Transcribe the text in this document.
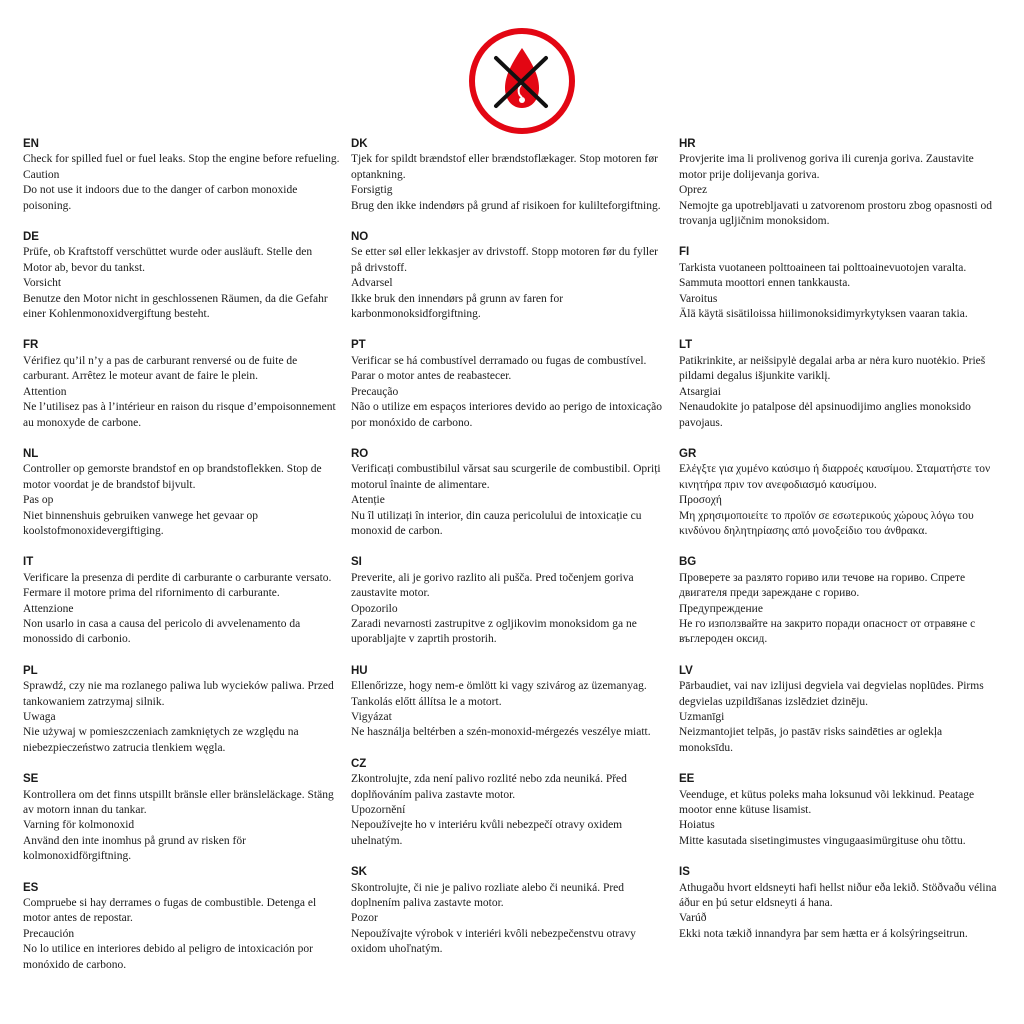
EN

Check for spilled fuel or fuel leaks. Stop the engine before refueling.

Caution

Do not use it indoors due to the danger of carbon monoxide poisoning.

DE

Prüfe, ob Kraftstoff verschüttet wurde oder ausläuft. Stelle den Motor ab, bevor du tankst.

Vorsicht

Benutze den Motor nicht in geschlossenen Räumen, da die Gefahr einer Kohlenmonoxidvergiftung besteht.

FR

Vérifiez qu’il n’y a pas de carburant renversé ou de fuite de carburant. Arrêtez le moteur avant de faire le plein.

Attention

Ne l’utilisez pas à l’intérieur en raison du risque d’empoisonnement au monoxyde de carbone.

NL

Controller op gemorste brandstof en op brandstoflekken. Stop de motor voordat je de brandstof bijvult.

Pas op

Niet binnenshuis gebruiken vanwege het gevaar op koolstofmonoxidevergiftiging.

IT

Verificare la presenza di perdite di carburante o carburante versato. Fermare il motore prima del rifornimento di carburante.

Attenzione

Non usarlo in casa a causa del pericolo di avvelenamento da monossido di carbonio.

PL

Sprawdź, czy nie ma rozlanego paliwa lub wycieków paliwa. Przed tankowaniem zatrzymaj silnik.

Uwaga

Nie używaj w pomieszczeniach zamkniętych ze względu na niebezpieczeństwo zatrucia tlenkiem węgla.

SE

Kontrollera om det finns utspillt bränsle eller bränsleläckage. Stäng av motorn innan du tankar.

Varning för kolmonoxid

Använd den inte inomhus på grund av risken för kolmonoxidförgiftning.

ES

Compruebe si hay derrames o fugas de combustible. Detenga el motor antes de repostar.

Precaución

No lo utilice en interiores debido al peligro de intoxicación por monóxido de carbono.

DK

Tjek for spildt brændstof eller brændstoflækager. Stop motoren før optankning.

Forsigtig

Brug den ikke indendørs på grund af risikoen for kulilteforgiftning.

NO

Se etter søl eller lekkasjer av drivstoff. Stopp motoren før du fyller på drivstoff.

Advarsel

Ikke bruk den innendørs på grunn av faren for karbonmonoksidforgiftning.

PT

Verificar se há combustível derramado ou fugas de combustível. Parar o motor antes de reabastecer.

Precaução

Não o utilize em espaços interiores devido ao perigo de intoxicação por monóxido de carbono.

RO

Verificați combustibilul vărsat sau scurgerile de combustibil. Opriți motorul înainte de alimentare.

Atenție

Nu îl utilizați în interior, din cauza pericolului de intoxicație cu monoxid de carbon.

SI

Preverite, ali je gorivo razlito ali pušča. Pred točenjem goriva zaustavite motor.

Opozorilo

Zaradi nevarnosti zastrupitve z ogljikovim monoksidom ga ne uporabljajte v zaprtih prostorih.

HU

Ellenőrizze, hogy nem-e ömlött ki vagy szivárog az üzemanyag. Tankolás előtt állítsa le a motort.

Vigyázat

Ne használja beltérben a szén-monoxid-mérgezés veszélye miatt.

CZ

Zkontrolujte, zda není palivo rozlité nebo zda neuniká. Před doplňováním paliva zastavte motor.

Upozornění

Nepoužívejte ho v interiéru kvůli nebezpečí otravy oxidem uhelnatým.

SK

Skontrolujte, či nie je palivo rozliate alebo či neuniká. Pred doplnením paliva zastavte motor.

Pozor

Nepoužívajte výrobok v interiéri kvôli nebezpečenstvu otravy oxidom uhoľnatým.

HR

Provjerite ima li prolivenog goriva ili curenja goriva. Zaustavite motor prije dolijevanja goriva.

Oprez

Nemojte ga upotrebljavati u zatvorenom prostoru zbog opasnosti od trovanja ugljičnim monoksidom.

FI

Tarkista vuotaneen polttoaineen tai polttoainevuotojen varalta. Sammuta moottori ennen tankkausta.

Varoitus

Älä käytä sisätiloissa hiilimonoksidimyrkytyksen vaaran takia.

LT

Patikrinkite, ar neišsipylė degalai arba ar nėra kuro nuotėkio. Prieš pildami degalus išjunkite variklį.

Atsargiai

Nenaudokite jo patalpose dėl apsinuodijimo anglies monoksido pavojaus.

GR

Ελέγξτε για χυμένο καύσιμο ή διαρροές καυσίμου. Σταματήστε τον κινητήρα πριν τον ανεφοδιασμό καυσίμου.

Προσοχή

Μη χρησιμοποιείτε το προϊόν σε εσωτερικούς χώρους λόγω του κινδύνου δηλητηρίασης από μονοξείδιο του άνθρακα.

BG

Проверете за разлято гориво или течове на гориво. Спрете двигателя преди зареждане с гориво.

Предупреждение

Не го използвайте на закрито поради опасност от отравяне с въглероден оксид.

LV

Pārbaudiet, vai nav izlijusi degviela vai degvielas noplūdes. Pirms degvielas uzpildīšanas izslēdziet dzinēju.

Uzmanīgi

Neizmantojiet telpās, jo pastāv risks saindēties ar oglekļa monoksīdu.

EE

Veenduge, et kütus poleks maha loksunud või lekkinud. Peatage mootor enne kütuse lisamist.

Hoiatus

Mitte kasutada sisetingimustes vingugaasimürgituse ohu tõttu.

IS

Athugaðu hvort eldsneyti hafi hellst niður eða lekið. Stöðvaðu vélina áður en þú setur eldsneyti á hana.

Varúð

Ekki nota tækið innandyra þar sem hætta er á kolsýringseitrun.
